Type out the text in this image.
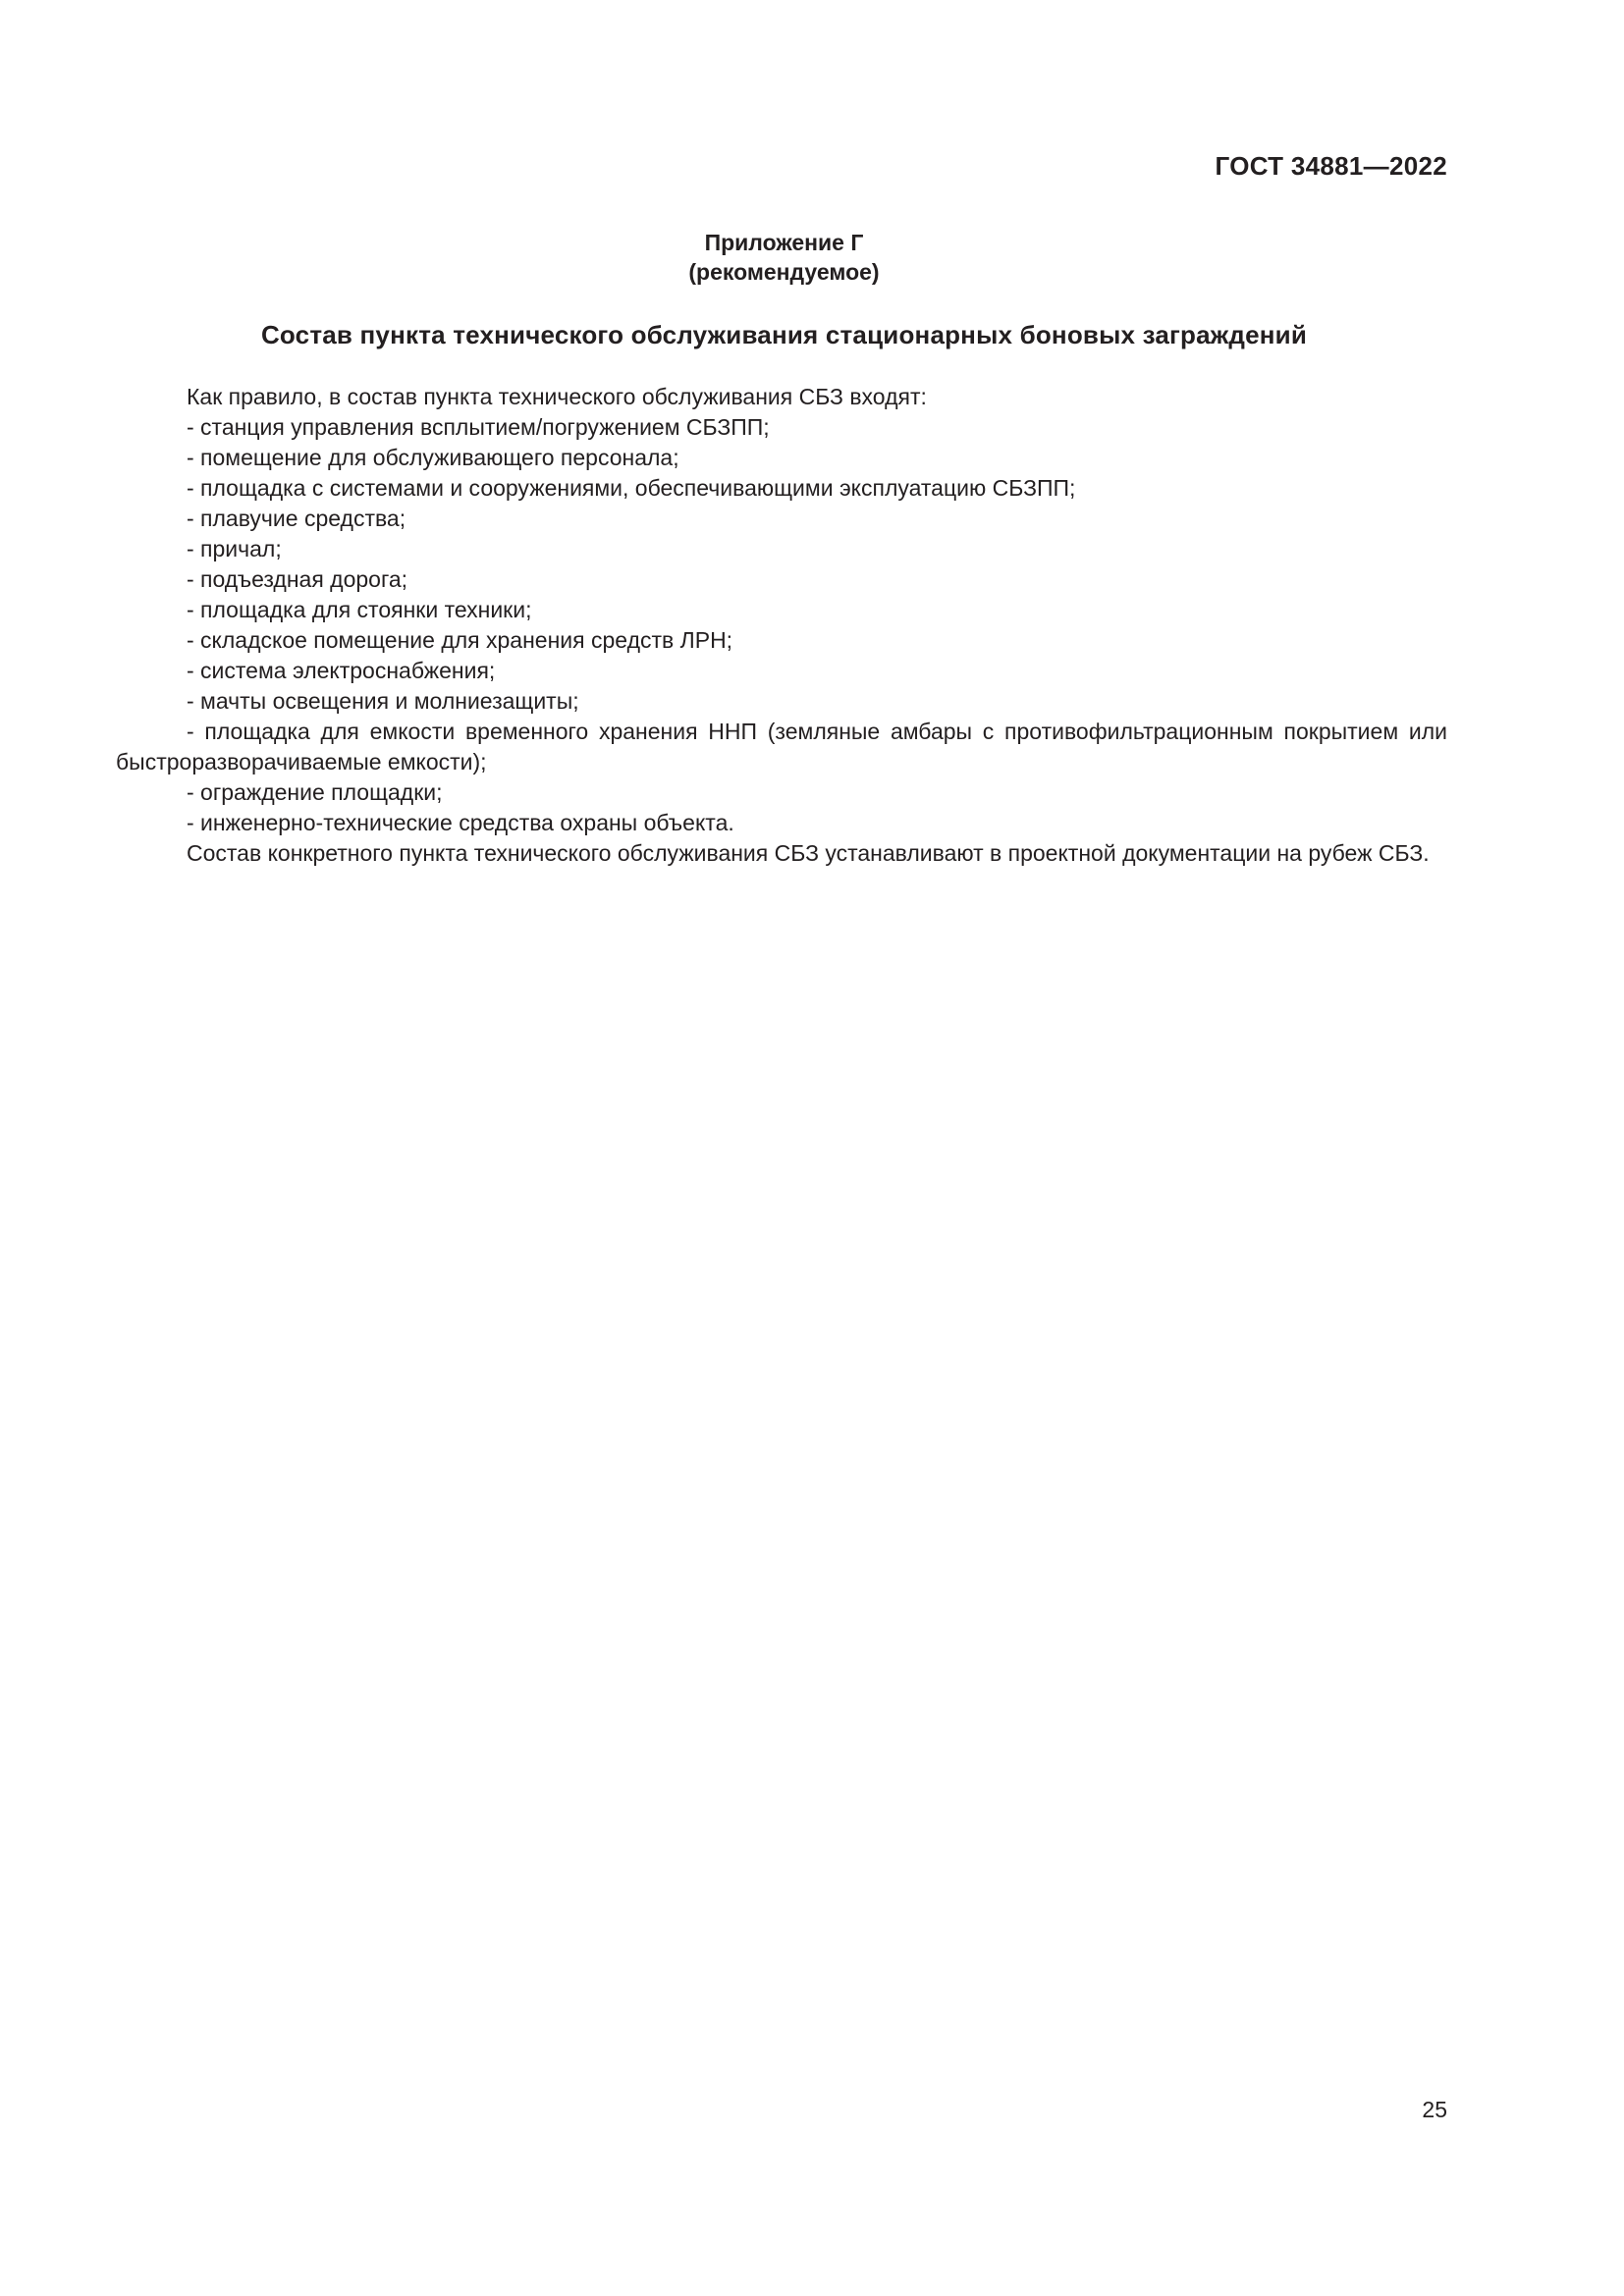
ГОСТ 34881—2022
Приложение Г
(рекомендуемое)
Состав пункта технического обслуживания стационарных боновых заграждений

Как правило, в состав пункта технического обслуживания СБЗ входят:

- станция управления всплытием/погружением СБЗПП;

- помещение для обслуживающего персонала;

- площадка с системами и сооружениями, обеспечивающими эксплуатацию СБЗПП;

- плавучие средства;

- причал;

- подъездная дорога;

- площадка для стоянки техники;

- складское помещение для хранения средств ЛРН;

- система электроснабжения;

- мачты освещения и молниезащиты;

- площадка для емкости временного хранения ННП (земляные амбары с противофильтрационным покрытием или быстроразворачиваемые емкости);

- ограждение площадки;

- инженерно-технические средства охраны объекта.

Состав конкретного пункта технического обслуживания СБЗ устанавливают в проектной документации на рубеж СБЗ.

25
